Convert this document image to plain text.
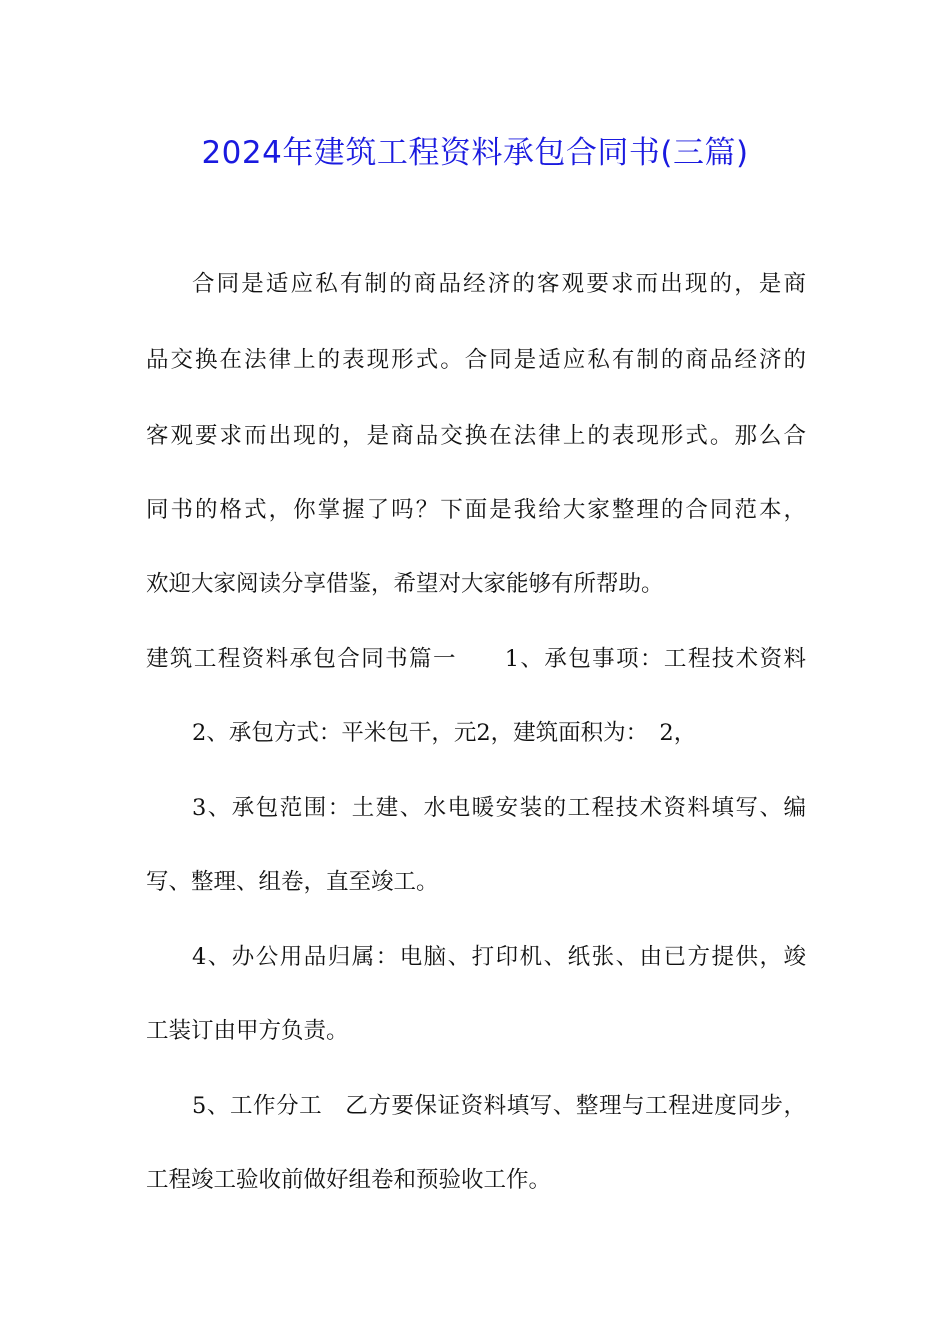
2024年建筑工程资料承包合同书(三篇)
合同是适应私有制的商品经济的客观要求而出现的，是商
品交换在法律上的表现形式。合同是适应私有制的商品经济的
客观要求而出现的，是商品交换在法律上的表现形式。那么合
同书的格式，你掌握了吗？下面是我给大家整理的合同范本，
欢迎大家阅读分享借鉴，希望对大家能够有所帮助。
建筑工程资料承包合同书篇一　　1、承包事项：工程技术资料
2、承包方式：平米包干，元2，建筑面积为：　2，
3、承包范围：土建、水电暖安装的工程技术资料填写、编
写、整理、组卷，直至竣工。
4、办公用品归属：电脑、打印机、纸张、由已方提供，竣
工装订由甲方负责。
5、工作分工　乙方要保证资料填写、整理与工程进度同步，
工程竣工验收前做好组卷和预验收工作。
